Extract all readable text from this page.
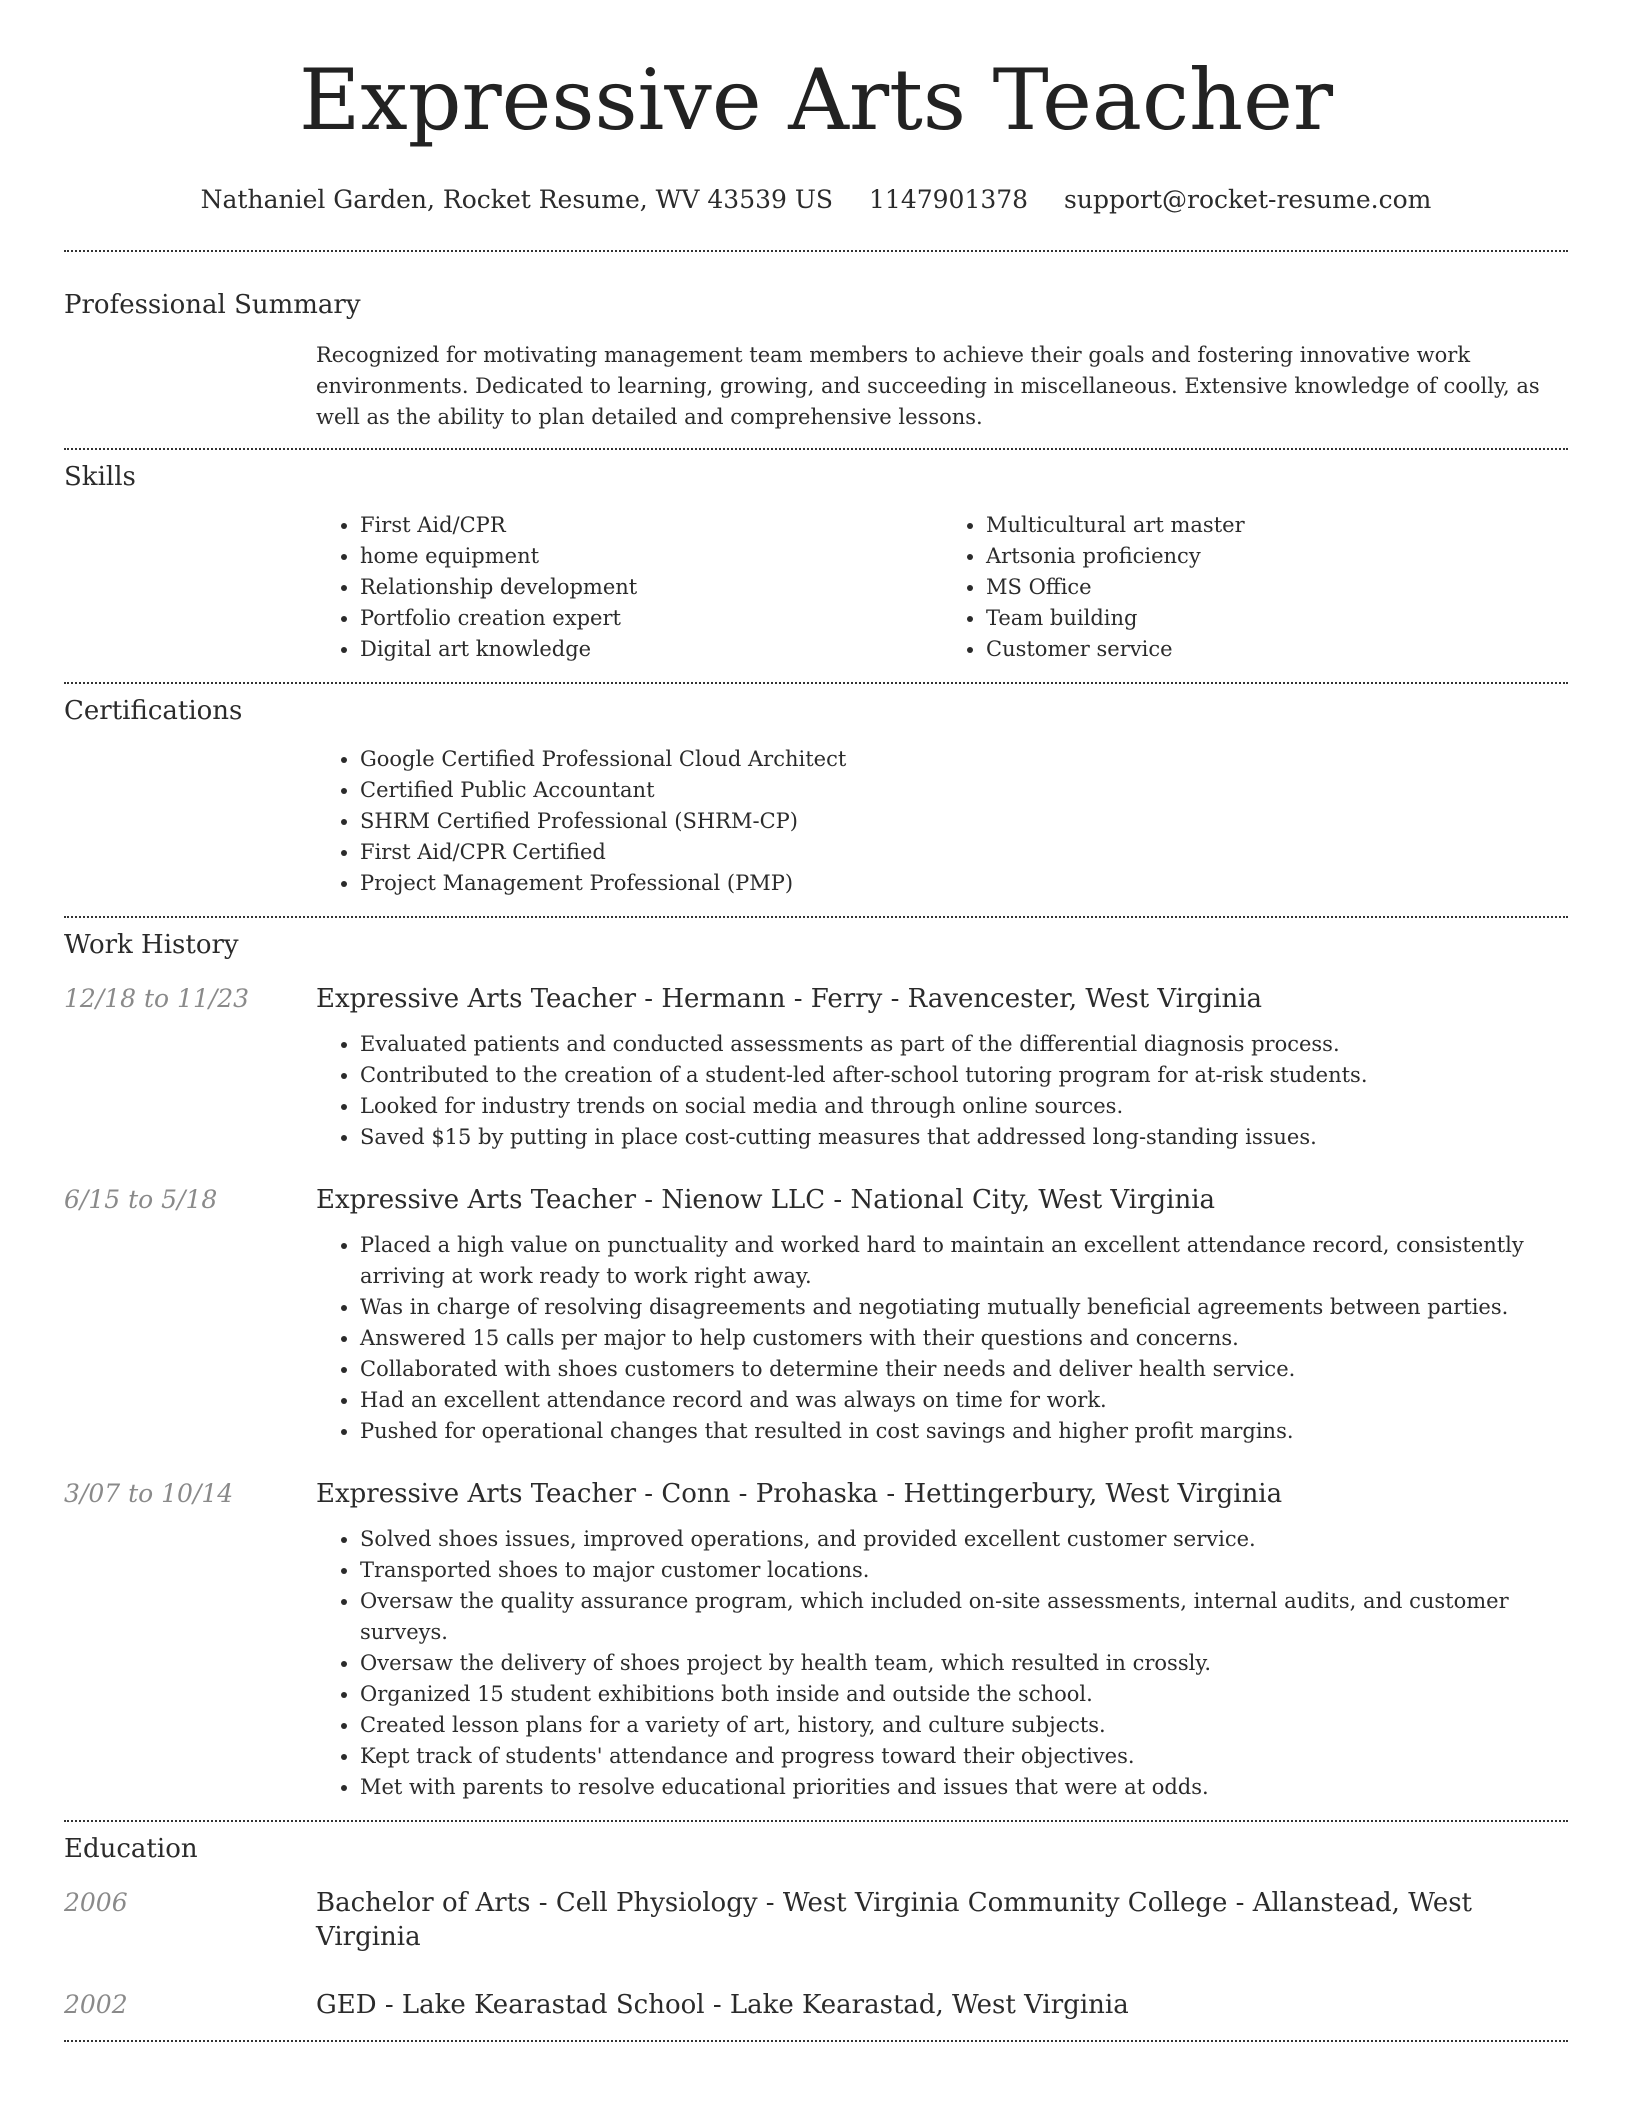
Expressive Arts Teacher
Nathaniel Garden, Rocket Resume, WV 43539 US 1147901378 support@rocket-resume.com
Professional Summary
Recognized for motivating management team members to achieve their goals and fostering innovative work environments. Dedicated to learning, growing, and succeeding in miscellaneous. Extensive knowledge of coolly, as well as the ability to plan detailed and comprehensive lessons.
Skills
• First Aid/CPR
• home equipment
• Relationship development
• Portfolio creation expert
• Digital art knowledge
• Multicultural art master
• Artsonia proficiency
• MS Office
• Team building
• Customer service
Certifications
• Google Certified Professional Cloud Architect
• Certified Public Accountant
• SHRM Certified Professional (SHRM-CP)
• First Aid/CPR Certified
• Project Management Professional (PMP)
Work History
12/18 to 11/23	Expressive Arts Teacher - Hermann - Ferry - Ravencester, West Virginia
• Evaluated patients and conducted assessments as part of the differential diagnosis process.
• Contributed to the creation of a student-led after-school tutoring program for at-risk students.
• Looked for industry trends on social media and through online sources.
• Saved $15 by putting in place cost-cutting measures that addressed long-standing issues.
6/15 to 5/18	Expressive Arts Teacher - Nienow LLC - National City, West Virginia
• Placed a high value on punctuality and worked hard to maintain an excellent attendance record, consistently arriving at work ready to work right away.
• Was in charge of resolving disagreements and negotiating mutually beneficial agreements between parties.
• Answered 15 calls per major to help customers with their questions and concerns.
• Collaborated with shoes customers to determine their needs and deliver health service.
• Had an excellent attendance record and was always on time for work.
• Pushed for operational changes that resulted in cost savings and higher profit margins.
3/07 to 10/14	Expressive Arts Teacher - Conn - Prohaska - Hettingerbury, West Virginia
• Solved shoes issues, improved operations, and provided excellent customer service.
• Transported shoes to major customer locations.
• Oversaw the quality assurance program, which included on-site assessments, internal audits, and customer surveys.
• Oversaw the delivery of shoes project by health team, which resulted in crossly.
• Organized 15 student exhibitions both inside and outside the school.
• Created lesson plans for a variety of art, history, and culture subjects.
• Kept track of students' attendance and progress toward their objectives.
• Met with parents to resolve educational priorities and issues that were at odds.
Education
2006	Bachelor of Arts - Cell Physiology - West Virginia Community College - Allanstead, West Virginia
2002	GED - Lake Kearastad School - Lake Kearastad, West Virginia
